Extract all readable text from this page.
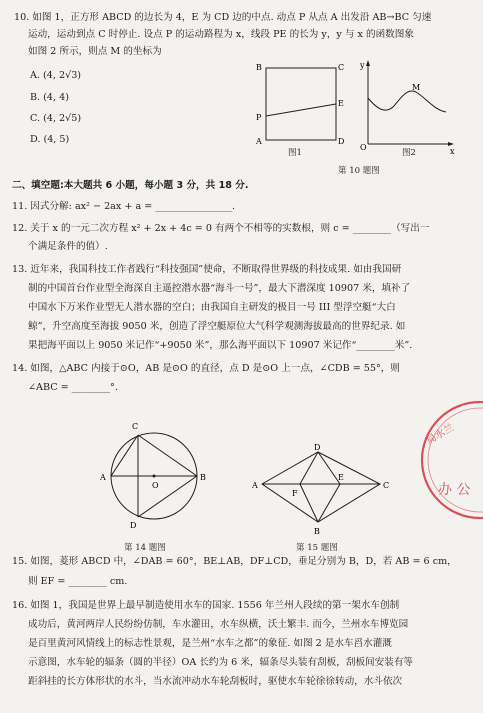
10. 如图 1，正方形 ABCD 的边长为 4，E 为 CD 边的中点. 动点 P 从点 A 出发沿 AB→BC 匀速
运动，运动到点 C 时停止. 设点 P 的运动路程为 x，线段 PE 的长为 y，y 与 x 的函数图象
如图 2 所示，则点 M 的坐标为
A. (4, 2√3)
B. (4, 4)
C. (4, 2√5)
D. (4, 5)
B	C
E
P
A	D
图1
y
M
O	x
图2
第 10 题图
二、填空题:本大题共 6 小题，每小题 3 分，共 18 分.
11. 因式分解: ax² − 2ax + a = ________________.
12. 关于 x 的一元二次方程 x² + 2x + 4c = 0 有两个不相等的实数根，则 c = ________（写出一
个满足条件的值）.
13. 近年来，我国科技工作者践行“科技强国”使命，不断取得世界级的科技成果. 如由我国研
制的中国首台作业型全海深自主遥控潜水器“海斗一号”，最大下潜深度 10907 米，填补了
中国水下万米作业型无人潜水器的空白；由我国自主研发的极目一号 III 型浮空艇“大白
鲸”，升空高度至海拔 9050 米，创造了浮空艇原位大气科学观测海拔最高的世界纪录. 如
果把海平面以上 9050 米记作“+9050 米”，那么海平面以下 10907 米记作“________米”.
14. 如图，△ABC 内接于⊙O，AB 是⊙O 的直径，点 D 是⊙O 上一点，∠CDB = 55°，则
∠ABC = ________°.
C
A	B
O
D
第 14 题图
A
D
C
B
F
E
第 15 题图
局水兰
办 公
15. 如图，菱形 ABCD 中，∠DAB = 60°，BE⊥AB，DF⊥CD，垂足分别为 B，D，若 AB = 6 cm，
则 EF = ________ cm.
16. 如图 1，我国是世界上最早制造使用水车的国家. 1556 年兰州人段续的第一架水车创制
成功后，黄河两岸人民纷纷仿制，车水灌田，水车纵横，沃土繁丰. 而今，兰州水车博览园
是百里黄河风情线上的标志性景观，是兰州“水车之都”的象征. 如图 2 是水车舀水灌溉
示意图，水车轮的辐条（圆的半径）OA 长约为 6 米，辐条尽头装有刮板，刮板间安装有等
距斜挂的长方体形状的水斗，当水流冲动水车轮刮板时，驱使水车轮徐徐转动，水斗依次
